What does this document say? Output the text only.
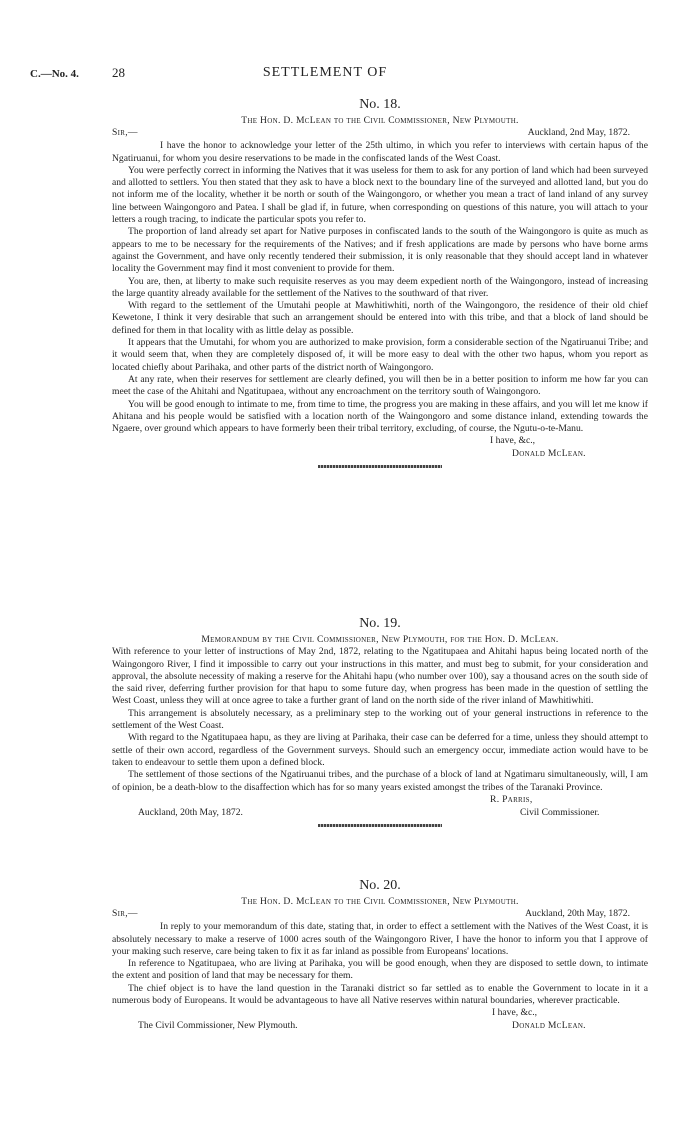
C.—No. 4.	28	SETTLEMENT OF
No. 18.
The Hon. D. McLean to the Civil Commissioner, New Plymouth.
Sir,—	Auckland, 2nd May, 1872.

I have the honor to acknowledge your letter of the 25th ultimo, in which you refer to interviews with certain hapus of the Ngatiruanui, for whom you desire reservations to be made in the confiscated lands of the West Coast.

You were perfectly correct in informing the Natives that it was useless for them to ask for any portion of land which had been surveyed and allotted to settlers. You then stated that they ask to have a block next to the boundary line of the surveyed and allotted land, but you do not inform me of the locality, whether it be north or south of the Waingongoro, or whether you mean a tract of land inland of any survey line between Waingongoro and Patea. I shall be glad if, in future, when corresponding on questions of this nature, you will attach to your letters a rough tracing, to indicate the particular spots you refer to.

The proportion of land already set apart for Native purposes in confiscated lands to the south of the Waingongoro is quite as much as appears to me to be necessary for the requirements of the Natives; and if fresh applications are made by persons who have borne arms against the Government, and have only recently tendered their submission, it is only reasonable that they should accept land in whatever locality the Government may find it most convenient to provide for them.

You are, then, at liberty to make such requisite reserves as you may deem expedient north of the Waingongoro, instead of increasing the large quantity already available for the settlement of the Natives to the southward of that river.

With regard to the settlement of the Umutahi people at Mawhitiwhiti, north of the Waingongoro, the residence of their old chief Kewetone, I think it very desirable that such an arrangement should be entered into with this tribe, and that a block of land should be defined for them in that locality with as little delay as possible.

It appears that the Umutahi, for whom you are authorized to make provision, form a considerable section of the Ngatiruanui Tribe; and it would seem that, when they are completely disposed of, it will be more easy to deal with the other two hapus, whom you report as located chiefly about Parihaka, and other parts of the district north of Waingongoro.

At any rate, when their reserves for settlement are clearly defined, you will then be in a better position to inform me how far you can meet the case of the Ahitahi and Ngatitupaea, without any encroachment on the territory south of Waingongoro.

You will be good enough to intimate to me, from time to time, the progress you are making in these affairs, and you will let me know if Ahitana and his people would be satisfied with a location north of the Waingongoro and some distance inland, extending towards the Ngaere, over ground which appears to have formerly been their tribal territory, excluding, of course, the Ngutu-o-te-Manu.

I have, &c.,
Donald McLean.
No. 19.
Memorandum by the Civil Commissioner, New Plymouth, for the Hon. D. McLean.

With reference to your letter of instructions of May 2nd, 1872, relating to the Ngatitupaea and Ahitahi hapus being located north of the Waingongoro River, I find it impossible to carry out your instructions in this matter, and must beg to submit, for your consideration and approval, the absolute necessity of making a reserve for the Ahitahi hapu (who number over 100), say a thousand acres on the south side of the said river, deferring further provision for that hapu to some future day, when progress has been made in the question of settling the West Coast, unless they will at once agree to take a further grant of land on the north side of the river inland of Mawhitiwhiti.

This arrangement is absolutely necessary, as a preliminary step to the working out of your general instructions in reference to the settlement of the West Coast.

With regard to the Ngatitupaea hapu, as they are living at Parihaka, their case can be deferred for a time, unless they should attempt to settle of their own accord, regardless of the Government surveys. Should such an emergency occur, immediate action would have to be taken to endeavour to settle them upon a defined block.

The settlement of those sections of the Ngatiruanui tribes, and the purchase of a block of land at Ngatimaru simultaneously, will, I am of opinion, be a death-blow to the disaffection which has for so many years existed amongst the tribes of the Taranaki Province.

R. Parris,
Auckland, 20th May, 1872.	Civil Commissioner.
No. 20.
The Hon. D. McLean to the Civil Commissioner, New Plymouth.
Sir,—	Auckland, 20th May, 1872.

In reply to your memorandum of this date, stating that, in order to effect a settlement with the Natives of the West Coast, it is absolutely necessary to make a reserve of 1000 acres south of the Waingongoro River, I have the honor to inform you that I approve of your making such reserve, care being taken to fix it as far inland as possible from Europeans' locations.

In reference to Ngatitupaea, who are living at Parihaka, you will be good enough, when they are disposed to settle down, to intimate the extent and position of land that may be necessary for them.

The chief object is to have the land question in the Taranaki district so far settled as to enable the Government to locate in it a numerous body of Europeans. It would be advantageous to have all Native reserves within natural boundaries, wherever practicable.

I have, &c.,
The Civil Commissioner, New Plymouth.	Donald McLean.
